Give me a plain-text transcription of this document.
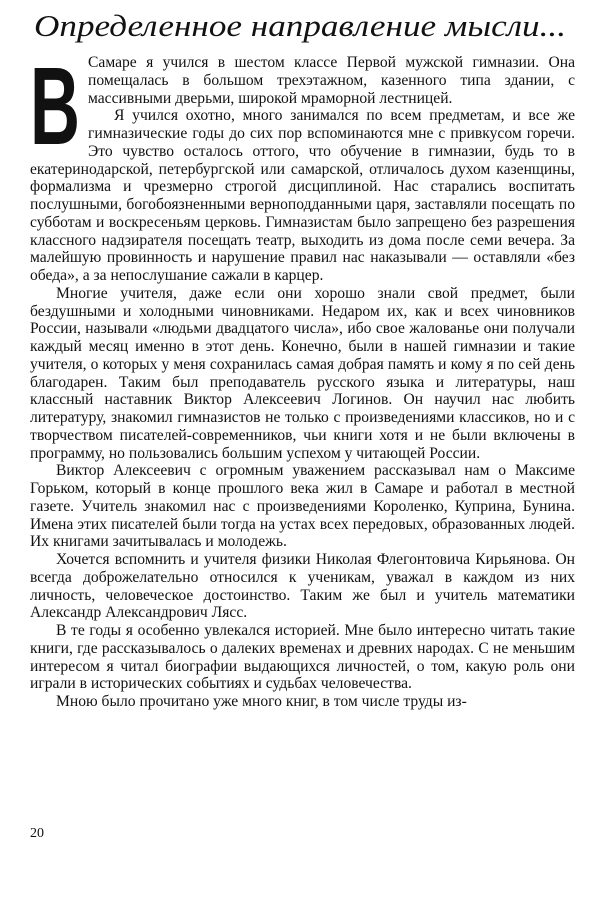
Определенное направление мысли...
В Самаре я учился в шестом классе Первой мужской гимназии. Она помещалась в большом трехэтажном, казенного типа здании, с массивными дверьми, широкой мраморной лестницей.

Я учился охотно, много занимался по всем предметам, и все же гимназические годы до сих пор вспоминаются мне с привкусом горечи. Это чувство осталось оттого, что обучение в гимназии, будь то в екатеринодарской, петербургской или самарской, отличалось духом казенщины, формализма и чрезмерно строгой дисциплиной. Нас старались воспитать послушными, богобоязненными верноподданными царя, заставляли посещать по субботам и воскресеньям церковь. Гимназистам было запрещено без разрешения классного надзирателя посещать театр, выходить из дома после семи вечера. За малейшую провинность и нарушение правил нас наказывали — оставляли «без обеда», а за непослушание сажали в карцер.

Многие учителя, даже если они хорошо знали свой предмет, были бездушными и холодными чиновниками. Недаром их, как и всех чиновников России, называли «людьми двадцатого числа», ибо свое жалованье они получали каждый месяц именно в этот день. Конечно, были в нашей гимназии и такие учителя, о которых у меня сохранилась самая добрая память и кому я по сей день благодарен. Таким был преподаватель русского языка и литературы, наш классный наставник Виктор Алексеевич Логинов. Он научил нас любить литературу, знакомил гимназистов не только с произведениями классиков, но и с творчеством писателей-современников, чьи книги хотя и не были включены в программу, но пользовались большим успехом у читающей России.

Виктор Алексеевич с огромным уважением рассказывал нам о Максиме Горьком, который в конце прошлого века жил в Самаре и работал в местной газете. Учитель знакомил нас с произведениями Короленко, Куприна, Бунина. Имена этих писателей были тогда на устах всех передовых, образованных людей. Их книгами зачитывалась и молодежь.

Хочется вспомнить и учителя физики Николая Флегонтовича Кирьянова. Он всегда доброжелательно относился к ученикам, уважал в каждом из них личность, человеческое достоинство. Таким же был и учитель математики Александр Александрович Лясс.

В те годы я особенно увлекался историей. Мне было интересно читать такие книги, где рассказывалось о далеких временах и древних народах. С не меньшим интересом я читал биографии выдающихся личностей, о том, какую роль они играли в исторических событиях и судьбах человечества.

Мною было прочитано уже много книг, в том числе труды из-

20
